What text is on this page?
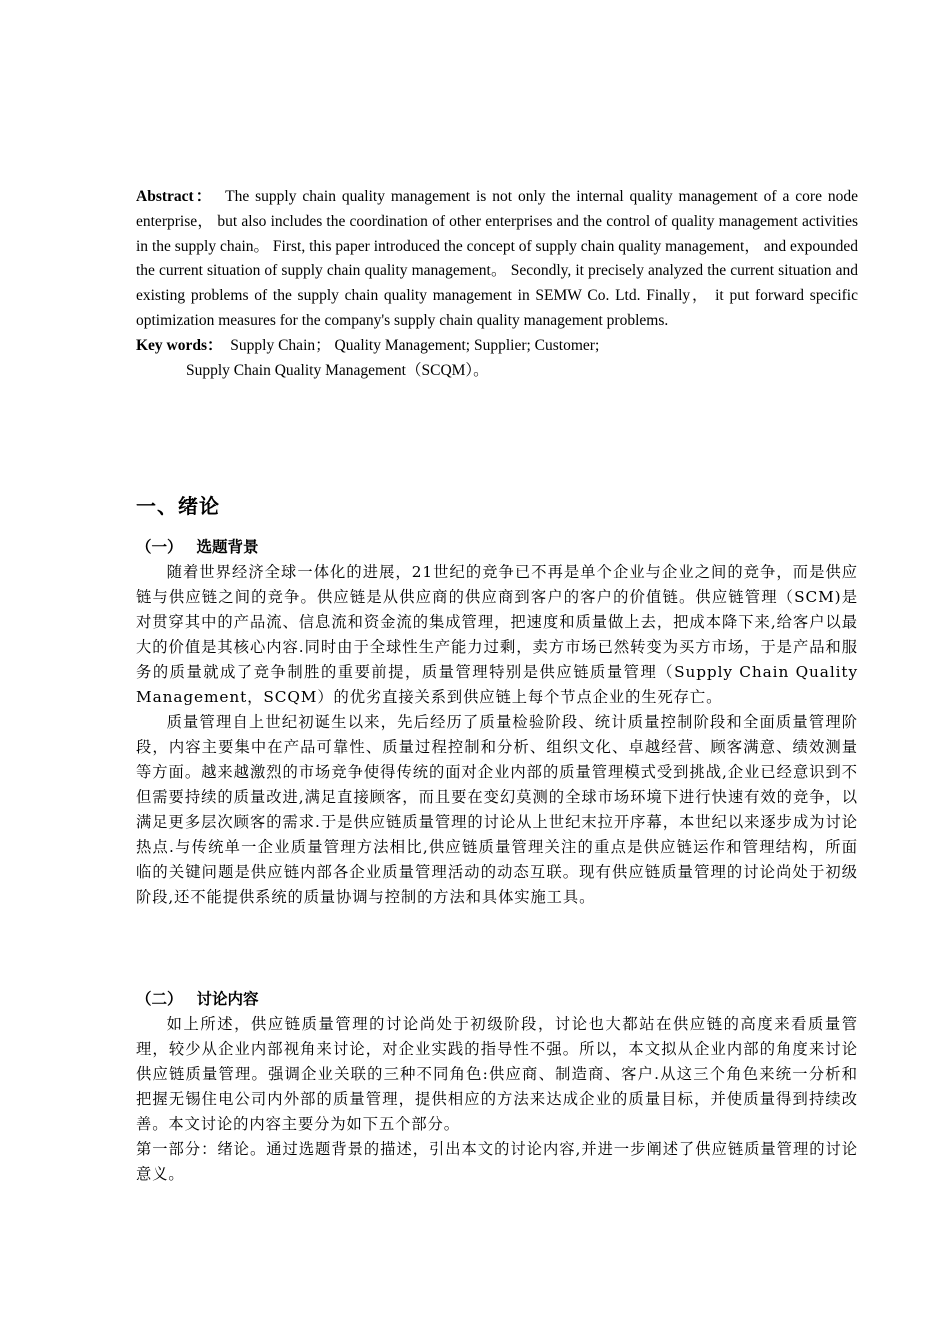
Abstract： The supply chain quality management is not only the internal quality management of a core node enterprise， but also includes the coordination of other enterprises and the control of quality management activities in the supply chain。 First, this paper introduced the concept of supply chain quality management， and expounded the current situation of supply chain quality management。 Secondly, it precisely analyzed the current situation and existing problems of the supply chain quality management in SEMW Co. Ltd. Finally， it put forward specific optimization measures for the company's supply chain quality management problems.

Key words： Supply Chain； Quality Management; Supplier; Customer;

Supply Chain Quality Management（SCQM）。

一、绪论
（一） 选题背景

随着世界经济全球一体化的进展，21世纪的竞争已不再是单个企业与企业之间的竞争，而是供应链与供应链之间的竞争。供应链是从供应商的供应商到客户的客户的价值链。供应链管理（SCM)是对贯穿其中的产品流、信息流和资金流的集成管理，把速度和质量做上去，把成本降下来,给客户以最大的价值是其核心内容.同时由于全球性生产能力过剩，卖方市场已然转变为买方市场，于是产品和服务的质量就成了竞争制胜的重要前提，质量管理特别是供应链质量管理（Supply Chain Quality Management，SCQM）的优劣直接关系到供应链上每个节点企业的生死存亡。

质量管理自上世纪初诞生以来，先后经历了质量检验阶段、统计质量控制阶段和全面质量管理阶段，内容主要集中在产品可靠性、质量过程控制和分析、组织文化、卓越经营、顾客满意、绩效测量等方面。越来越激烈的市场竞争使得传统的面对企业内部的质量管理模式受到挑战,企业已经意识到不但需要持续的质量改进,满足直接顾客，而且要在变幻莫测的全球市场环境下进行快速有效的竞争，以满足更多层次顾客的需求.于是供应链质量管理的讨论从上世纪末拉开序幕，本世纪以来逐步成为讨论热点.与传统单一企业质量管理方法相比,供应链质量管理关注的重点是供应链运作和管理结构，所面临的关键问题是供应链内部各企业质量管理活动的动态互联。现有供应链质量管理的讨论尚处于初级阶段,还不能提供系统的质量协调与控制的方法和具体实施工具。

（二） 讨论内容

如上所述，供应链质量管理的讨论尚处于初级阶段，讨论也大都站在供应链的高度来看质量管理，较少从企业内部视角来讨论，对企业实践的指导性不强。所以，本文拟从企业内部的角度来讨论供应链质量管理。强调企业关联的三种不同角色:供应商、制造商、客户.从这三个角色来统一分析和把握无锡住电公司内外部的质量管理，提供相应的方法来达成企业的质量目标，并使质量得到持续改善。本文讨论的内容主要分为如下五个部分。

第一部分：绪论。通过选题背景的描述，引出本文的讨论内容,并进一步阐述了供应链质量管理的讨论意义。
